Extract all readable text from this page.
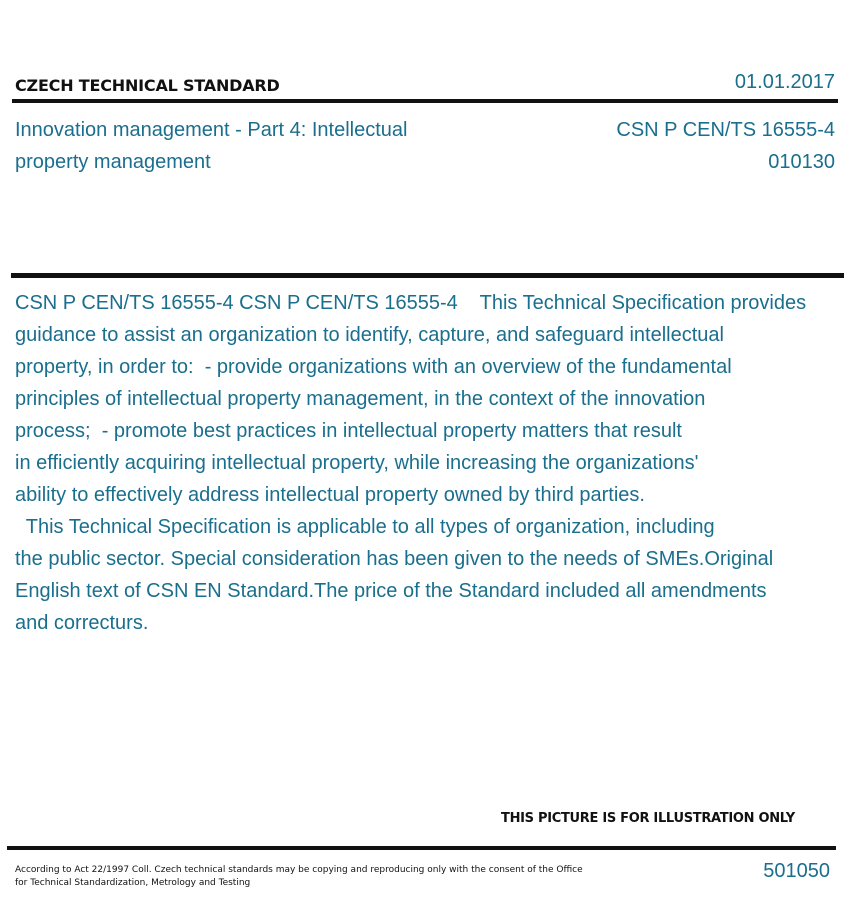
CZECH TECHNICAL STANDARD	01.01.2017
Innovation management - Part 4: Intellectual
property management
CSN P CEN/TS 16555-4
010130
CSN P CEN/TS 16555-4 CSN P CEN/TS 16555-4    This Technical Specification provides
guidance to assist an organization to identify, capture, and safeguard intellectual
property, in order to:  - provide organizations with an overview of the fundamental
principles of intellectual property management, in the context of the innovation
process;  - promote best practices in intellectual property matters that result
in efficiently acquiring intellectual property, while increasing the organizations'
ability to effectively address intellectual property owned by third parties.
This Technical Specification is applicable to all types of organization, including
the public sector. Special consideration has been given to the needs of SMEs.Original
English text of CSN EN Standard.The price of the Standard included all amendments
and correcturs.
THIS PICTURE IS FOR ILLUSTRATION ONLY
According to Act 22/1997 Coll. Czech technical standards may be copying and reproducing only with the consent of the Office
for Technical Standardization, Metrology and Testing
501050
